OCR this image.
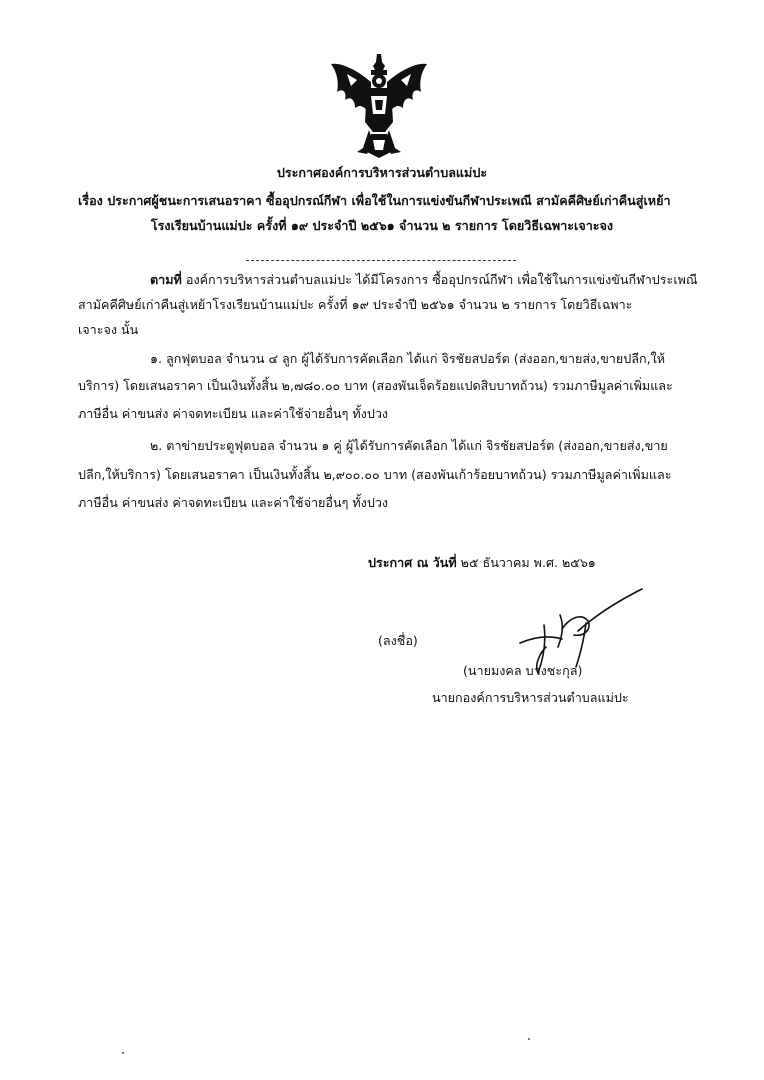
ประกาศองค์การบริหารส่วนตำบลแม่ปะ
เรื่อง ประกาศผู้ชนะการเสนอราคา ซื้ออุปกรณ์กีฬา เพื่อใช้ในการแข่งขันกีฬาประเพณี สามัคคีศิษย์เก่าคืนสู่เหย้า
โรงเรียนบ้านแม่ปะ ครั้งที่ ๑๙ ประจำปี ๒๕๖๑ จำนวน ๒ รายการ โดยวิธีเฉพาะเจาะจง
ตามที่ องค์การบริหารส่วนตำบลแม่ปะ ได้มีโครงการ ซื้ออุปกรณ์กีฬา เพื่อใช้ในการแข่งขันกีฬาประเพณี
สามัคคีศิษย์เก่าคืนสู่เหย้าโรงเรียนบ้านแม่ปะ ครั้งที่ ๑๙ ประจำปี ๒๕๖๑ จำนวน ๒ รายการ โดยวิธีเฉพาะ
เจาะจง นั้น
๑. ลูกฟุตบอล จำนวน ๔ ลูก ผู้ได้รับการคัดเลือก ได้แก่ จิรชัยสปอร์ต (ส่งออก,ขายส่ง,ขายปลีก,ให้
บริการ) โดยเสนอราคา เป็นเงินทั้งสิ้น ๒,๗๘๐.๐๐ บาท (สองพันเจ็ดร้อยแปดสิบบาทถ้วน) รวมภาษีมูลค่าเพิ่มและ
ภาษีอื่น ค่าขนส่ง ค่าจดทะเบียน และค่าใช้จ่ายอื่นๆ ทั้งปวง
๒. ตาข่ายประตูฟุตบอล จำนวน ๑ คู่ ผู้ได้รับการคัดเลือก ได้แก่ จิรชัยสปอร์ต (ส่งออก,ขายส่ง,ขาย
ปลีก,ให้บริการ) โดยเสนอราคา เป็นเงินทั้งสิ้น ๒,๙๐๐.๐๐ บาท (สองพันเก้าร้อยบาทถ้วน) รวมภาษีมูลค่าเพิ่มและ
ภาษีอื่น ค่าขนส่ง ค่าจดทะเบียน และค่าใช้จ่ายอื่นๆ ทั้งปวง
ประกาศ ณ วันที่ ๒๕ ธันวาคม พ.ศ. ๒๕๖๑
(ลงชื่อ)
(นายมงคล บางชะกุล)
นายกองค์การบริหารส่วนตำบลแม่ปะ
